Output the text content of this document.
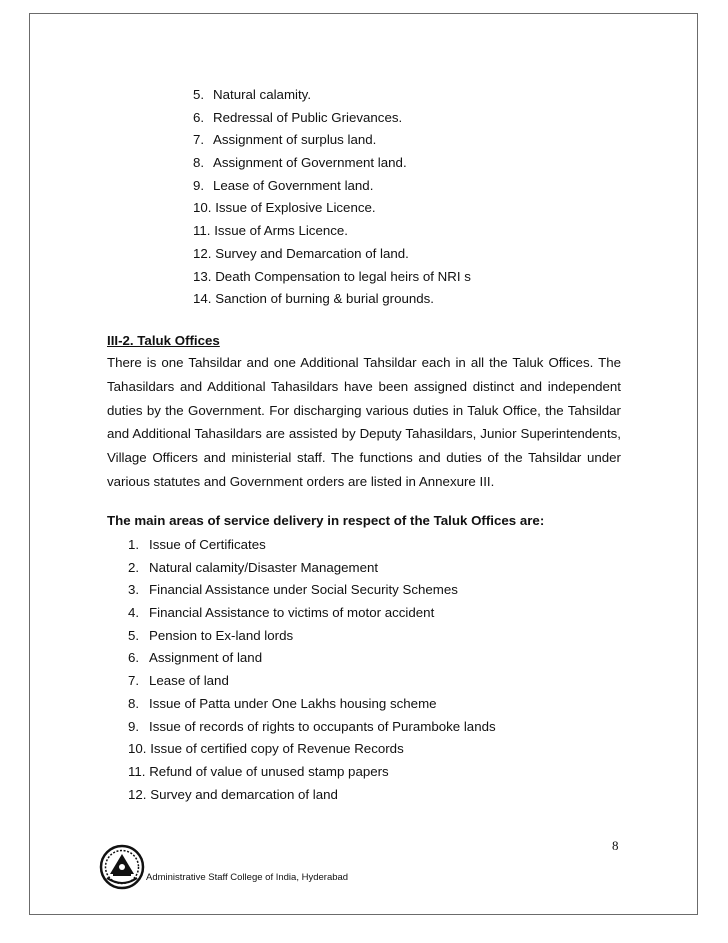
5. Natural calamity.
6. Redressal of Public Grievances.
7. Assignment of surplus land.
8. Assignment of Government land.
9. Lease of Government land.
10. Issue of Explosive Licence.
11. Issue of Arms Licence.
12. Survey and Demarcation of land.
13. Death Compensation to legal heirs of NRI s
14. Sanction of burning & burial grounds.
III-2. Taluk Offices

There is one Tahsildar and one Additional Tahsildar each in all the Taluk Offices. The Tahasildars and Additional Tahasildars have been assigned distinct and independent duties by the Government. For discharging various duties in Taluk Office, the Tahsildar and Additional Tahasildars are assisted by Deputy Tahasildars, Junior Superintendents, Village Officers and ministerial staff. The functions and duties of the Tahsildar under various statutes and Government orders are listed in Annexure III.

The main areas of service delivery in respect of the Taluk Offices are:
1. Issue of Certificates
2. Natural calamity/Disaster Management
3. Financial Assistance under Social Security Schemes
4. Financial Assistance to victims of motor accident
5. Pension to Ex-land lords
6. Assignment of land
7. Lease of land
8. Issue of Patta under One Lakhs housing scheme
9. Issue of records of rights to occupants of Puramboke lands
10. Issue of certified copy of Revenue Records
11. Refund of value of unused stamp papers
12. Survey and demarcation of land
8
Administrative Staff College of India, Hyderabad
